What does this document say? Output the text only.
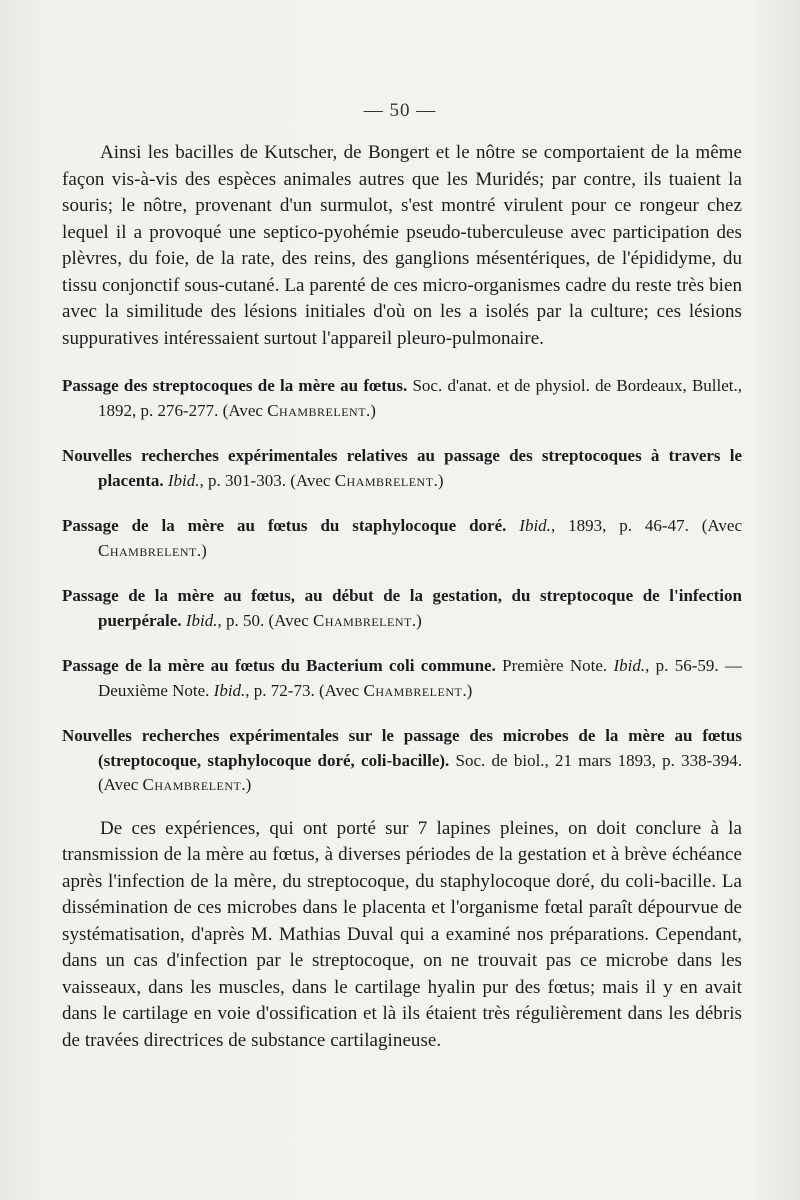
— 50 —

Ainsi les bacilles de Kutscher, de Bongert et le nôtre se comportaient de la même façon vis-à-vis des espèces animales autres que les Muridés; par contre, ils tuaient la souris; le nôtre, provenant d'un surmulot, s'est montré virulent pour ce rongeur chez lequel il a provoqué une septico-pyohémie pseudo-tuberculeuse avec participation des plèvres, du foie, de la rate, des reins, des ganglions mésentériques, de l'épididyme, du tissu conjonctif sous-cutané. La parenté de ces micro-organismes cadre du reste très bien avec la similitude des lésions initiales d'où on les a isolés par la culture; ces lésions suppuratives intéressaient surtout l'appareil pleuro-pulmonaire.

Passage des streptocoques de la mère au fœtus. Soc. d'anat. et de physiol. de Bordeaux, Bullet., 1892, p. 276-277. (Avec Chambrelent.)

Nouvelles recherches expérimentales relatives au passage des streptocoques à travers le placenta. Ibid., p. 301-303. (Avec Chambrelent.)

Passage de la mère au fœtus du staphylocoque doré. Ibid., 1893, p. 46-47. (Avec Chambrelent.)

Passage de la mère au fœtus, au début de la gestation, du streptocoque de l'infection puerpérale. Ibid., p. 50. (Avec Chambrelent.)

Passage de la mère au fœtus du Bacterium coli commune. Première Note. Ibid., p. 56-59. — Deuxième Note. Ibid., p. 72-73. (Avec Chambrelent.)

Nouvelles recherches expérimentales sur le passage des microbes de la mère au fœtus (streptocoque, staphylocoque doré, coli-bacille). Soc. de biol., 21 mars 1893, p. 338-394. (Avec Chambrelent.)

De ces expériences, qui ont porté sur 7 lapines pleines, on doit conclure à la transmission de la mère au fœtus, à diverses périodes de la gestation et à brève échéance après l'infection de la mère, du streptocoque, du staphylocoque doré, du coli-bacille. La dissémination de ces microbes dans le placenta et l'organisme fœtal paraît dépourvue de systématisation, d'après M. Mathias Duval qui a examiné nos préparations. Cependant, dans un cas d'infection par le streptocoque, on ne trouvait pas ce microbe dans les vaisseaux, dans les muscles, dans le cartilage hyalin pur des fœtus; mais il y en avait dans le cartilage en voie d'ossification et là ils étaient très régulièrement dans les débris de travées directrices de substance cartilagineuse.
